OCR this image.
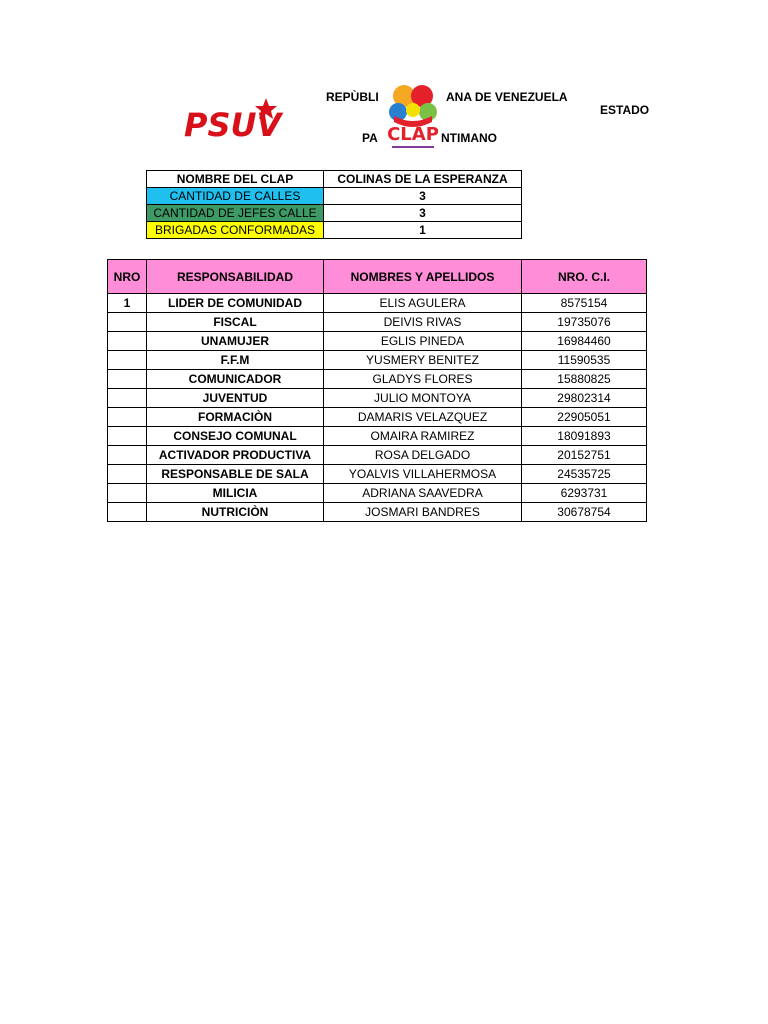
REPÙBLI	ANA DE VENEZUELA
ESTADO
PA	NTIMANO
PSUV	CLAP
NOMBRE DEL CLAP	COLINAS DE LA ESPERANZA
CANTIDAD DE CALLES	3
CANTIDAD DE JEFES CALLE	3
BRIGADAS CONFORMADAS	1
NRO	RESPONSABILIDAD	NOMBRES Y APELLIDOS	NRO. C.I.
1	LIDER DE COMUNIDAD	ELIS AGULERA	8575154
	FISCAL	DEIVIS RIVAS	19735076
	UNAMUJER	EGLIS PINEDA	16984460
	F.F.M	YUSMERY BENITEZ	11590535
	COMUNICADOR	GLADYS FLORES	15880825
	JUVENTUD	JULIO MONTOYA	29802314
	FORMACIÒN	DAMARIS VELAZQUEZ	22905051
	CONSEJO COMUNAL	OMAIRA RAMIREZ	18091893
	ACTIVADOR PRODUCTIVA	ROSA DELGADO	20152751
	RESPONSABLE DE SALA	YOALVIS VILLAHERMOSA	24535725
	MILICIA	ADRIANA SAAVEDRA	6293731
	NUTRICIÒN	JOSMARI BANDRES	30678754
